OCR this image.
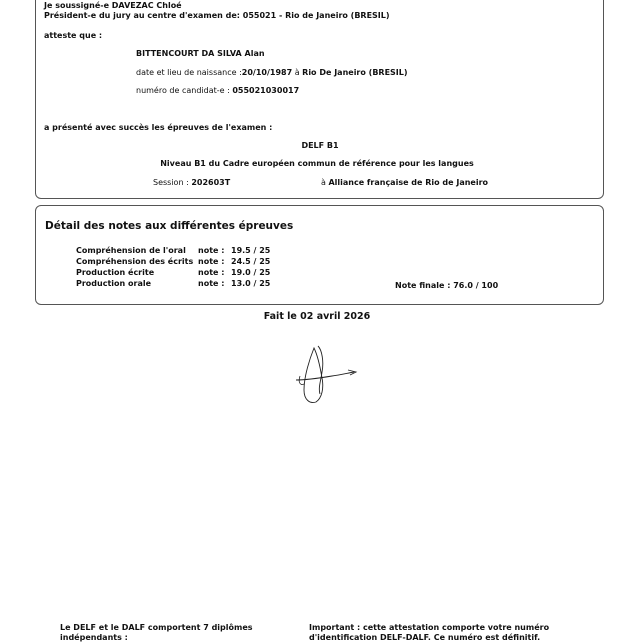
Je soussigné-e DAVEZAC Chloé
Président-e du jury au centre d'examen de: 055021 - Rio de Janeiro (BRESIL)
atteste que :
BITTENCOURT DA SILVA Alan
date et lieu de naissance :20/10/1987 à Rio De Janeiro (BRESIL)
numéro de candidat-e : 055021030017
a présenté avec succès les épreuves de l'examen :
DELF B1
Niveau B1 du Cadre européen commun de référence pour les langues
Session : 202603T	à Alliance française de Rio de Janeiro
Détail des notes aux différentes épreuves
Compréhension de l'oral note : 19.5 / 25
Compréhension des écrits note : 24.5 / 25
Production écrite	note : 19.0 / 25
Production orale	note : 13.0 / 25	Note finale : 76.0 / 100
Fait le 02 avril 2026
Le DELF et le DALF comportent 7 diplômes
indépendants :
Important : cette attestation comporte votre numéro
d'identification DELF-DALF. Ce numéro est définitif.
